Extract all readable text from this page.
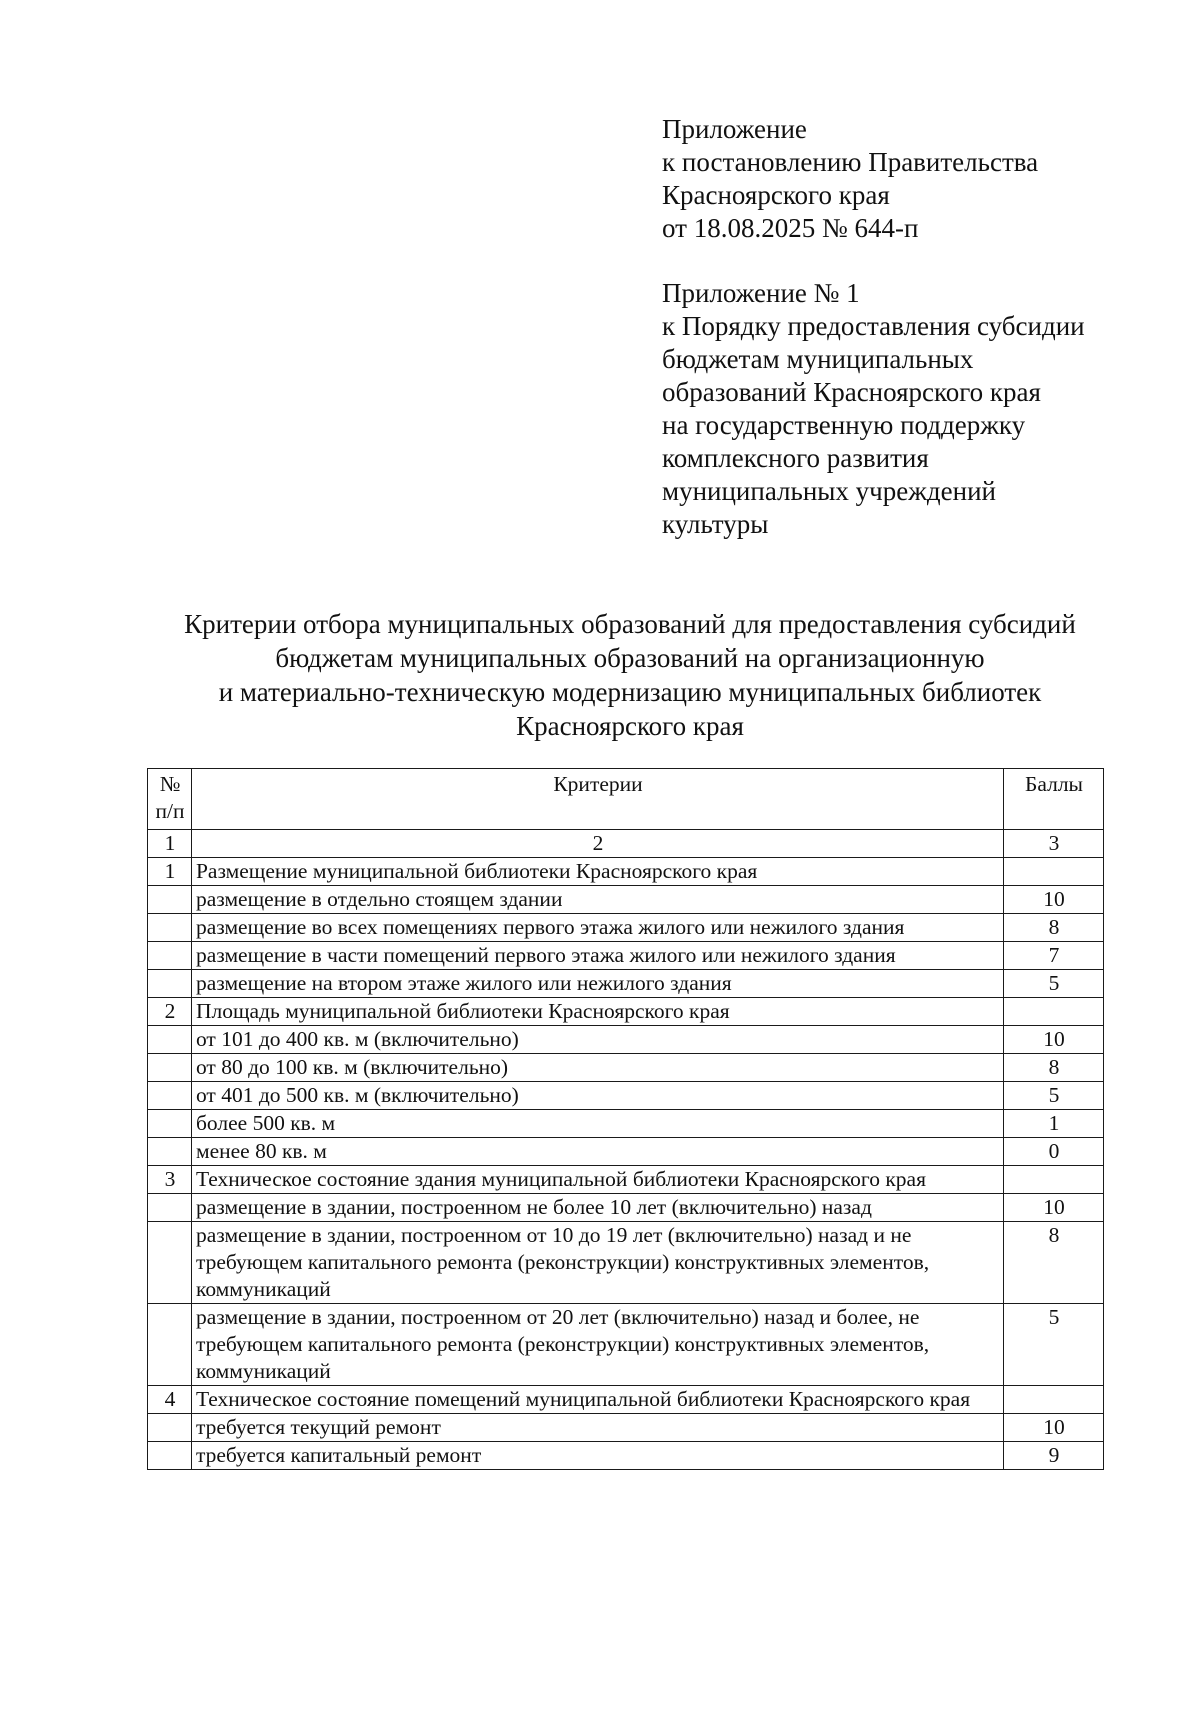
Приложение
к постановлению Правительства
Красноярского края
от 18.08.2025 № 644-п
Приложение № 1
к Порядку предоставления субсидии
бюджетам муниципальных
образований Красноярского края
на государственную поддержку
комплексного развития
муниципальных учреждений
культуры
Критерии отбора муниципальных образований для предоставления субсидий
бюджетам муниципальных образований на организационную
и материально-техническую модернизацию муниципальных библиотек
Красноярского края
№ п/п	Критерии	Баллы
1	2	3
1	Размещение муниципальной библиотеки Красноярского края	
	размещение в отдельно стоящем здании	10
	размещение во всех помещениях первого этажа жилого или нежилого здания	8
	размещение в части помещений первого этажа жилого или нежилого здания	7
	размещение на втором этаже жилого или нежилого здания	5
2	Площадь муниципальной библиотеки Красноярского края	
	от 101 до 400 кв. м (включительно)	10
	от 80 до 100 кв. м (включительно)	8
	от 401 до 500 кв. м (включительно)	5
	более 500 кв. м	1
	менее 80 кв. м	0
3	Техническое состояние здания муниципальной библиотеки Красноярского края	
	размещение в здании, построенном не более 10 лет (включительно) назад	10
	размещение в здании, построенном от 10 до 19 лет (включительно) назад и не требующем капитального ремонта (реконструкции) конструктивных элементов, коммуникаций	8
	размещение в здании, построенном от 20 лет (включительно) назад и более, не требующем капитального ремонта (реконструкции) конструктивных элементов, коммуникаций	5
4	Техническое состояние помещений муниципальной библиотеки Красноярского края	
	требуется текущий ремонт	10
	требуется капитальный ремонт	9
